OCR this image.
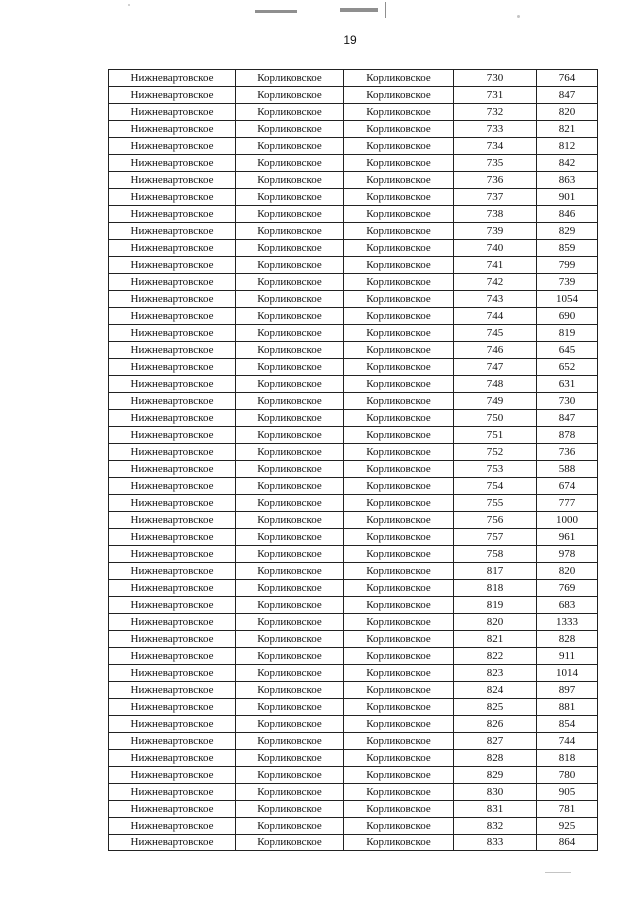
19
Нижневартовское	Корликовское	Корликовское	730	764
Нижневартовское	Корликовское	Корликовское	731	847
Нижневартовское	Корликовское	Корликовское	732	820
Нижневартовское	Корликовское	Корликовское	733	821
Нижневартовское	Корликовское	Корликовское	734	812
Нижневартовское	Корликовское	Корликовское	735	842
Нижневартовское	Корликовское	Корликовское	736	863
Нижневартовское	Корликовское	Корликовское	737	901
Нижневартовское	Корликовское	Корликовское	738	846
Нижневартовское	Корликовское	Корликовское	739	829
Нижневартовское	Корликовское	Корликовское	740	859
Нижневартовское	Корликовское	Корликовское	741	799
Нижневартовское	Корликовское	Корликовское	742	739
Нижневартовское	Корликовское	Корликовское	743	1054
Нижневартовское	Корликовское	Корликовское	744	690
Нижневартовское	Корликовское	Корликовское	745	819
Нижневартовское	Корликовское	Корликовское	746	645
Нижневартовское	Корликовское	Корликовское	747	652
Нижневартовское	Корликовское	Корликовское	748	631
Нижневартовское	Корликовское	Корликовское	749	730
Нижневартовское	Корликовское	Корликовское	750	847
Нижневартовское	Корликовское	Корликовское	751	878
Нижневартовское	Корликовское	Корликовское	752	736
Нижневартовское	Корликовское	Корликовское	753	588
Нижневартовское	Корликовское	Корликовское	754	674
Нижневартовское	Корликовское	Корликовское	755	777
Нижневартовское	Корликовское	Корликовское	756	1000
Нижневартовское	Корликовское	Корликовское	757	961
Нижневартовское	Корликовское	Корликовское	758	978
Нижневартовское	Корликовское	Корликовское	817	820
Нижневартовское	Корликовское	Корликовское	818	769
Нижневартовское	Корликовское	Корликовское	819	683
Нижневартовское	Корликовское	Корликовское	820	1333
Нижневартовское	Корликовское	Корликовское	821	828
Нижневартовское	Корликовское	Корликовское	822	911
Нижневартовское	Корликовское	Корликовское	823	1014
Нижневартовское	Корликовское	Корликовское	824	897
Нижневартовское	Корликовское	Корликовское	825	881
Нижневартовское	Корликовское	Корликовское	826	854
Нижневартовское	Корликовское	Корликовское	827	744
Нижневартовское	Корликовское	Корликовское	828	818
Нижневартовское	Корликовское	Корликовское	829	780
Нижневартовское	Корликовское	Корликовское	830	905
Нижневартовское	Корликовское	Корликовское	831	781
Нижневартовское	Корликовское	Корликовское	832	925
Нижневартовское	Корликовское	Корликовское	833	864
